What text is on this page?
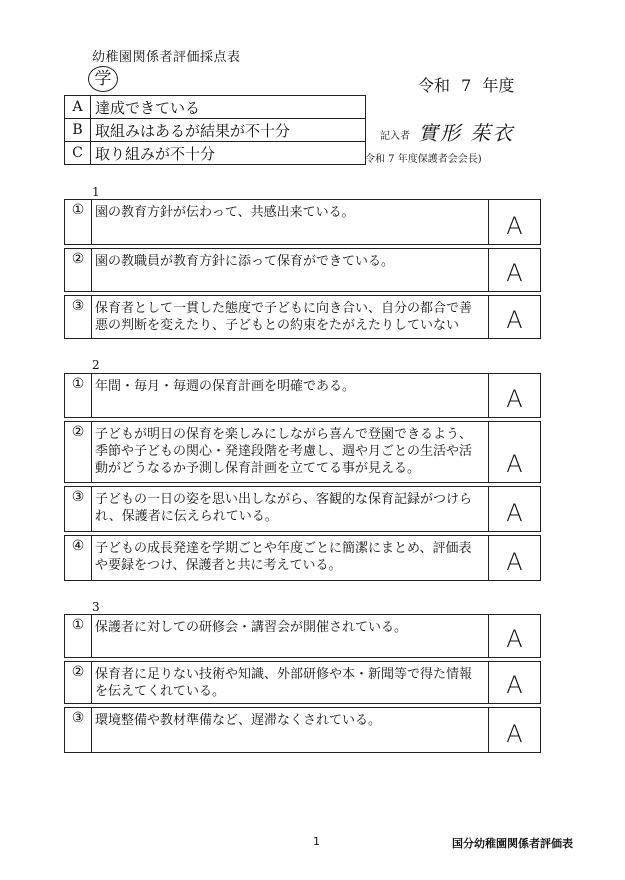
幼稚園関係者評価採点表
学	令和 7 年度
A	達成できている
B	取組みはあるが結果が不十分
C	取り組みが不十分
記入者 實形 茱衣
令和 7 年度保護者会会長)
1
① 園の教育方針が伝わって、共感出来ている。	A
② 園の教職員が教育方針に添って保育ができている。	A
③ 保育者として一貫した態度で子どもに向き合い、自分の都合で善悪の判断を変えたり、子どもとの約束をたがえたりしていない	A
2
① 年間・毎月・毎週の保育計画を明確である。	A
② 子どもが明日の保育を楽しみにしながら喜んで登園できるよう、季節や子どもの関心・発達段階を考慮し、週や月ごとの生活や活動がどうなるか予測し保育計画を立ててる事が見える。	A
③ 子どもの一日の姿を思い出しながら、客観的な保育記録がつけられ、保護者に伝えられている。	A
④ 子どもの成長発達を学期ごとや年度ごとに簡潔にまとめ、評価表や要録をつけ、保護者と共に考えている。	A
3
① 保護者に対しての研修会・講習会が開催されている。	A
② 保育者に足りない技術や知識、外部研修や本・新聞等で得た情報を伝えてくれている。	A
③ 環境整備や教材準備など、遅滞なくされている。	A
1	国分幼稚園関係者評価表
